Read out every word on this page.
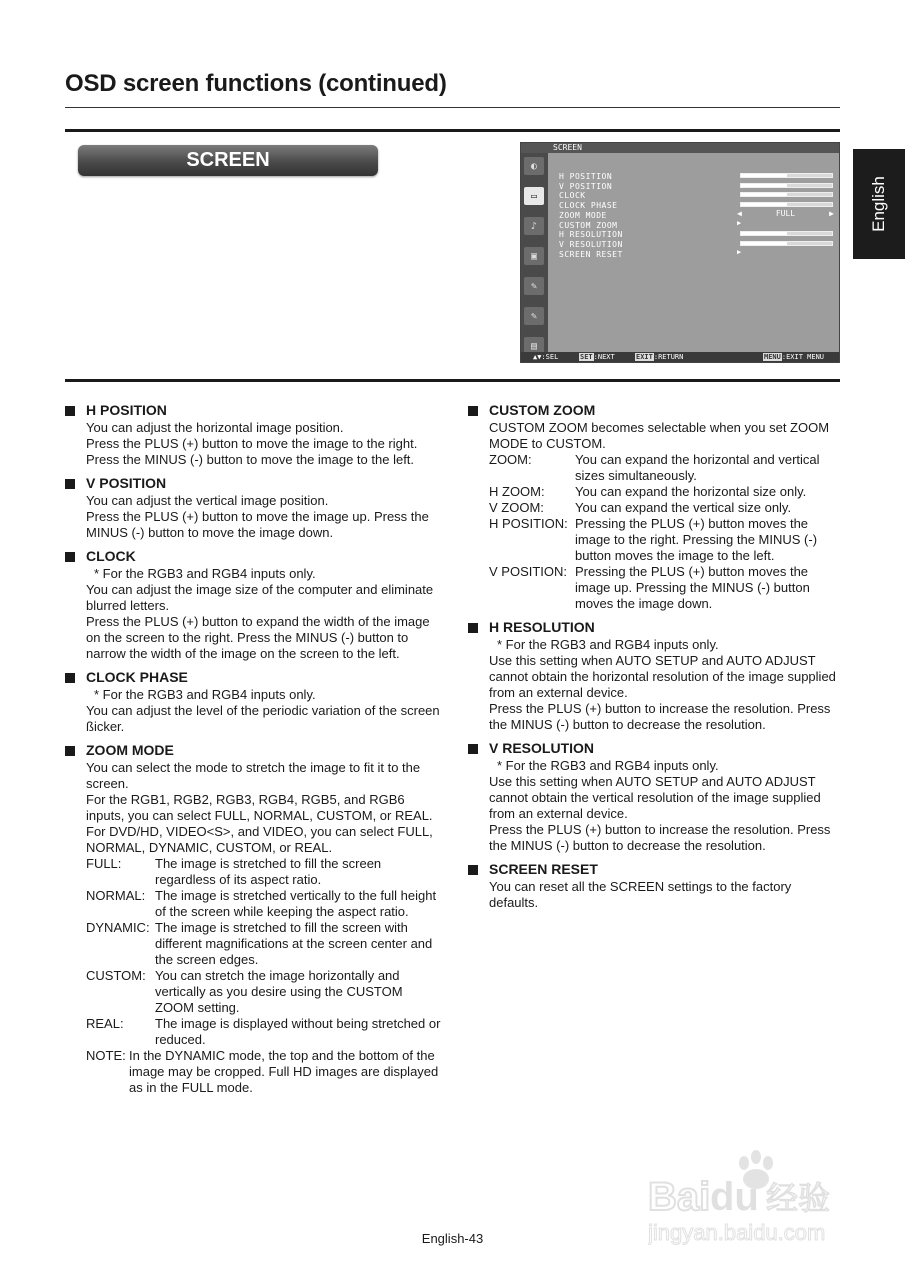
OSD screen functions (continued)
English
SCREEN
SCREEN
◐
▭
♪
▣
✎
✎
▤
H POSITION
V POSITION
CLOCK
CLOCK PHASE
ZOOM MODE
CUSTOM ZOOM
H RESOLUTION
V RESOLUTION
SCREEN RESET
◀	FULL	▶
▶
▶
▲▼:SEL	SET:NEXT	EXIT:RETURN	MENU:EXIT MENU
H POSITION

You can adjust the horizontal image position.

Press the PLUS (+) button to move the image to the right.

Press the MINUS (-) button to move the image to the left.

V POSITION

You can adjust the vertical image position.

Press the PLUS (+) button to move the image up. Press the MINUS (-) button to move the image down.

CLOCK

* For the RGB3 and RGB4 inputs only.

You can adjust the image size of the computer and eliminate blurred letters.

Press the PLUS (+) button to expand the width of the image on the screen to the right. Press the MINUS (-) button to narrow the width of the image on the screen to the left.

CLOCK PHASE

* For the RGB3 and RGB4 inputs only.

You can adjust the level of the periodic variation of the screen ßicker.

ZOOM MODE

You can select the mode to stretch the image to ﬁt it to the screen.

For the RGB1, RGB2, RGB3, RGB4, RGB5, and RGB6 inputs, you can select FULL, NORMAL, CUSTOM, or REAL.

For DVD/HD, VIDEO<S>, and VIDEO, you can select FULL, NORMAL, DYNAMIC, CUSTOM, or REAL.

FULL:	The image is stretched to ﬁll the screen regardless of its aspect ratio.
NORMAL: The image is stretched vertically to the full height of the screen while keeping the aspect ratio.
DYNAMIC: The image is stretched to ﬁll the screen with different magniﬁcations at the screen center and the screen edges.
CUSTOM: You can stretch the image horizontally and vertically as you desire using the CUSTOM ZOOM setting.
REAL:	The image is displayed without being stretched or reduced.
NOTE: In the DYNAMIC mode, the top and the bottom of the image may be cropped. Full HD images are displayed as in the FULL mode.
CUSTOM ZOOM

CUSTOM ZOOM becomes selectable when you set ZOOM MODE to CUSTOM.

ZOOM:	You can expand the horizontal and vertical sizes simultaneously.
H ZOOM:	You can expand the horizontal size only.
V ZOOM:	You can expand the vertical size only.
H POSITION: Pressing the PLUS (+) button moves the image to the right. Pressing the MINUS (-) button moves the image to the left.
V POSITION: Pressing the PLUS (+) button moves the image up. Pressing the MINUS (-) button moves the image down.
H RESOLUTION

* For the RGB3 and RGB4 inputs only.

Use this setting when AUTO SETUP and AUTO ADJUST cannot obtain the horizontal resolution of the image supplied from an external device.

Press the PLUS (+) button to increase the resolution. Press the MINUS (-) button to decrease the resolution.

V RESOLUTION

* For the RGB3 and RGB4 inputs only.

Use this setting when AUTO SETUP and AUTO ADJUST cannot obtain the vertical resolution of the image supplied from an external device.

Press the PLUS (+) button to increase the resolution. Press the MINUS (-) button to decrease the resolution.

SCREEN RESET

You can reset all the SCREEN settings to the factory defaults.

Bai du 经验
jingyan.baidu.com
English-43
